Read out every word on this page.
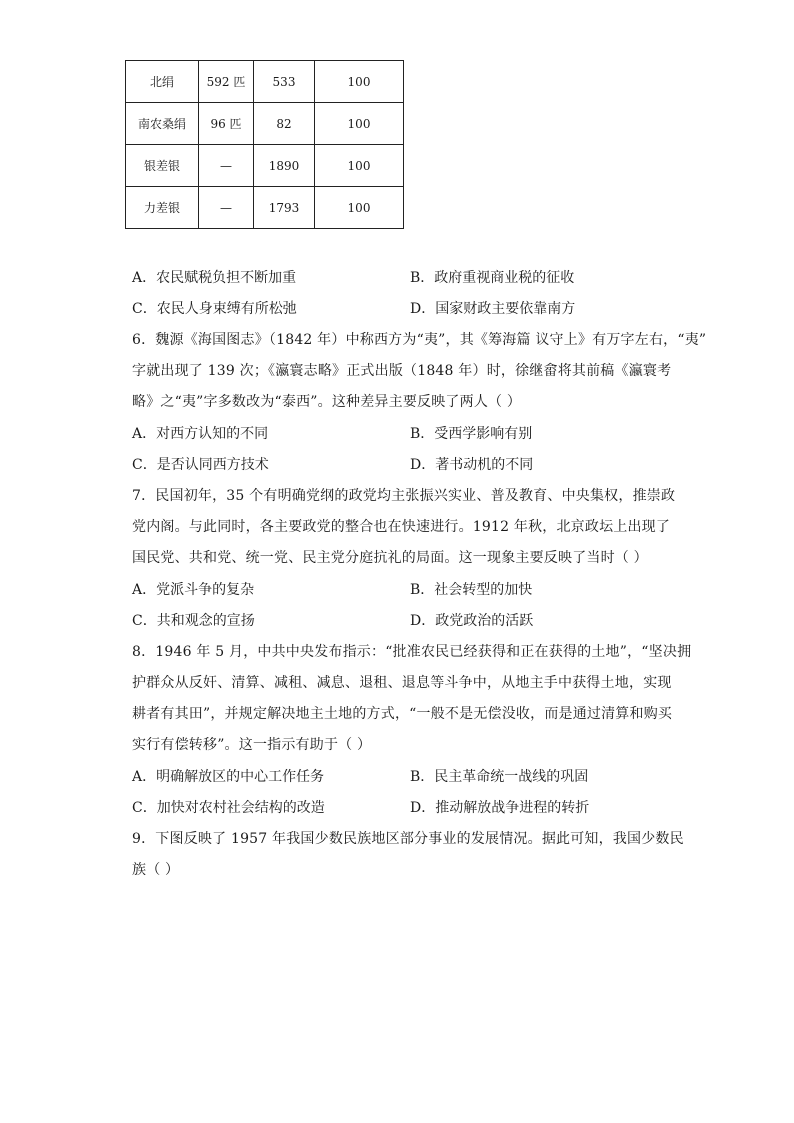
北绢	592 匹	533	100
南农桑绢	96 匹	82	100
银差银	—	1890	100
力差银	—	1793	100
A．农民赋税负担不断加重	B．政府重视商业税的征收
C．农民人身束缚有所松弛	D．国家财政主要依靠南方
6．魏源《海国图志》（1842 年）中称西方为“夷”，其《筹海篇 议守上》有万字左右，“夷”
字就出现了 139 次；《瀛寰志略》正式出版（1848 年）时，徐继畲将其前稿《瀛寰考
略》之“夷”字多数改为“泰西”。这种差异主要反映了两人（ ）
A．对西方认知的不同	B．受西学影响有别
C．是否认同西方技术	D．著书动机的不同
7．民国初年，35 个有明确党纲的政党均主张振兴实业、普及教育、中央集权，推崇政
党内阁。与此同时，各主要政党的整合也在快速进行。1912 年秋，北京政坛上出现了
国民党、共和党、统一党、民主党分庭抗礼的局面。这一现象主要反映了当时（ ）
A．党派斗争的复杂	B．社会转型的加快
C．共和观念的宣扬	D．政党政治的活跃
8．1946 年 5 月，中共中央发布指示：“批准农民已经获得和正在获得的土地”，“坚决拥
护群众从反奸、清算、减租、减息、退租、退息等斗争中，从地主手中获得土地，实现
耕者有其田”，并规定解决地主土地的方式，“一般不是无偿没收，而是通过清算和购买
实行有偿转移”。这一指示有助于（ ）
A．明确解放区的中心工作任务	B．民主革命统一战线的巩固
C．加快对农村社会结构的改造	D．推动解放战争进程的转折
9．下图反映了 1957 年我国少数民族地区部分事业的发展情况。据此可知，我国少数民
族（ ）
